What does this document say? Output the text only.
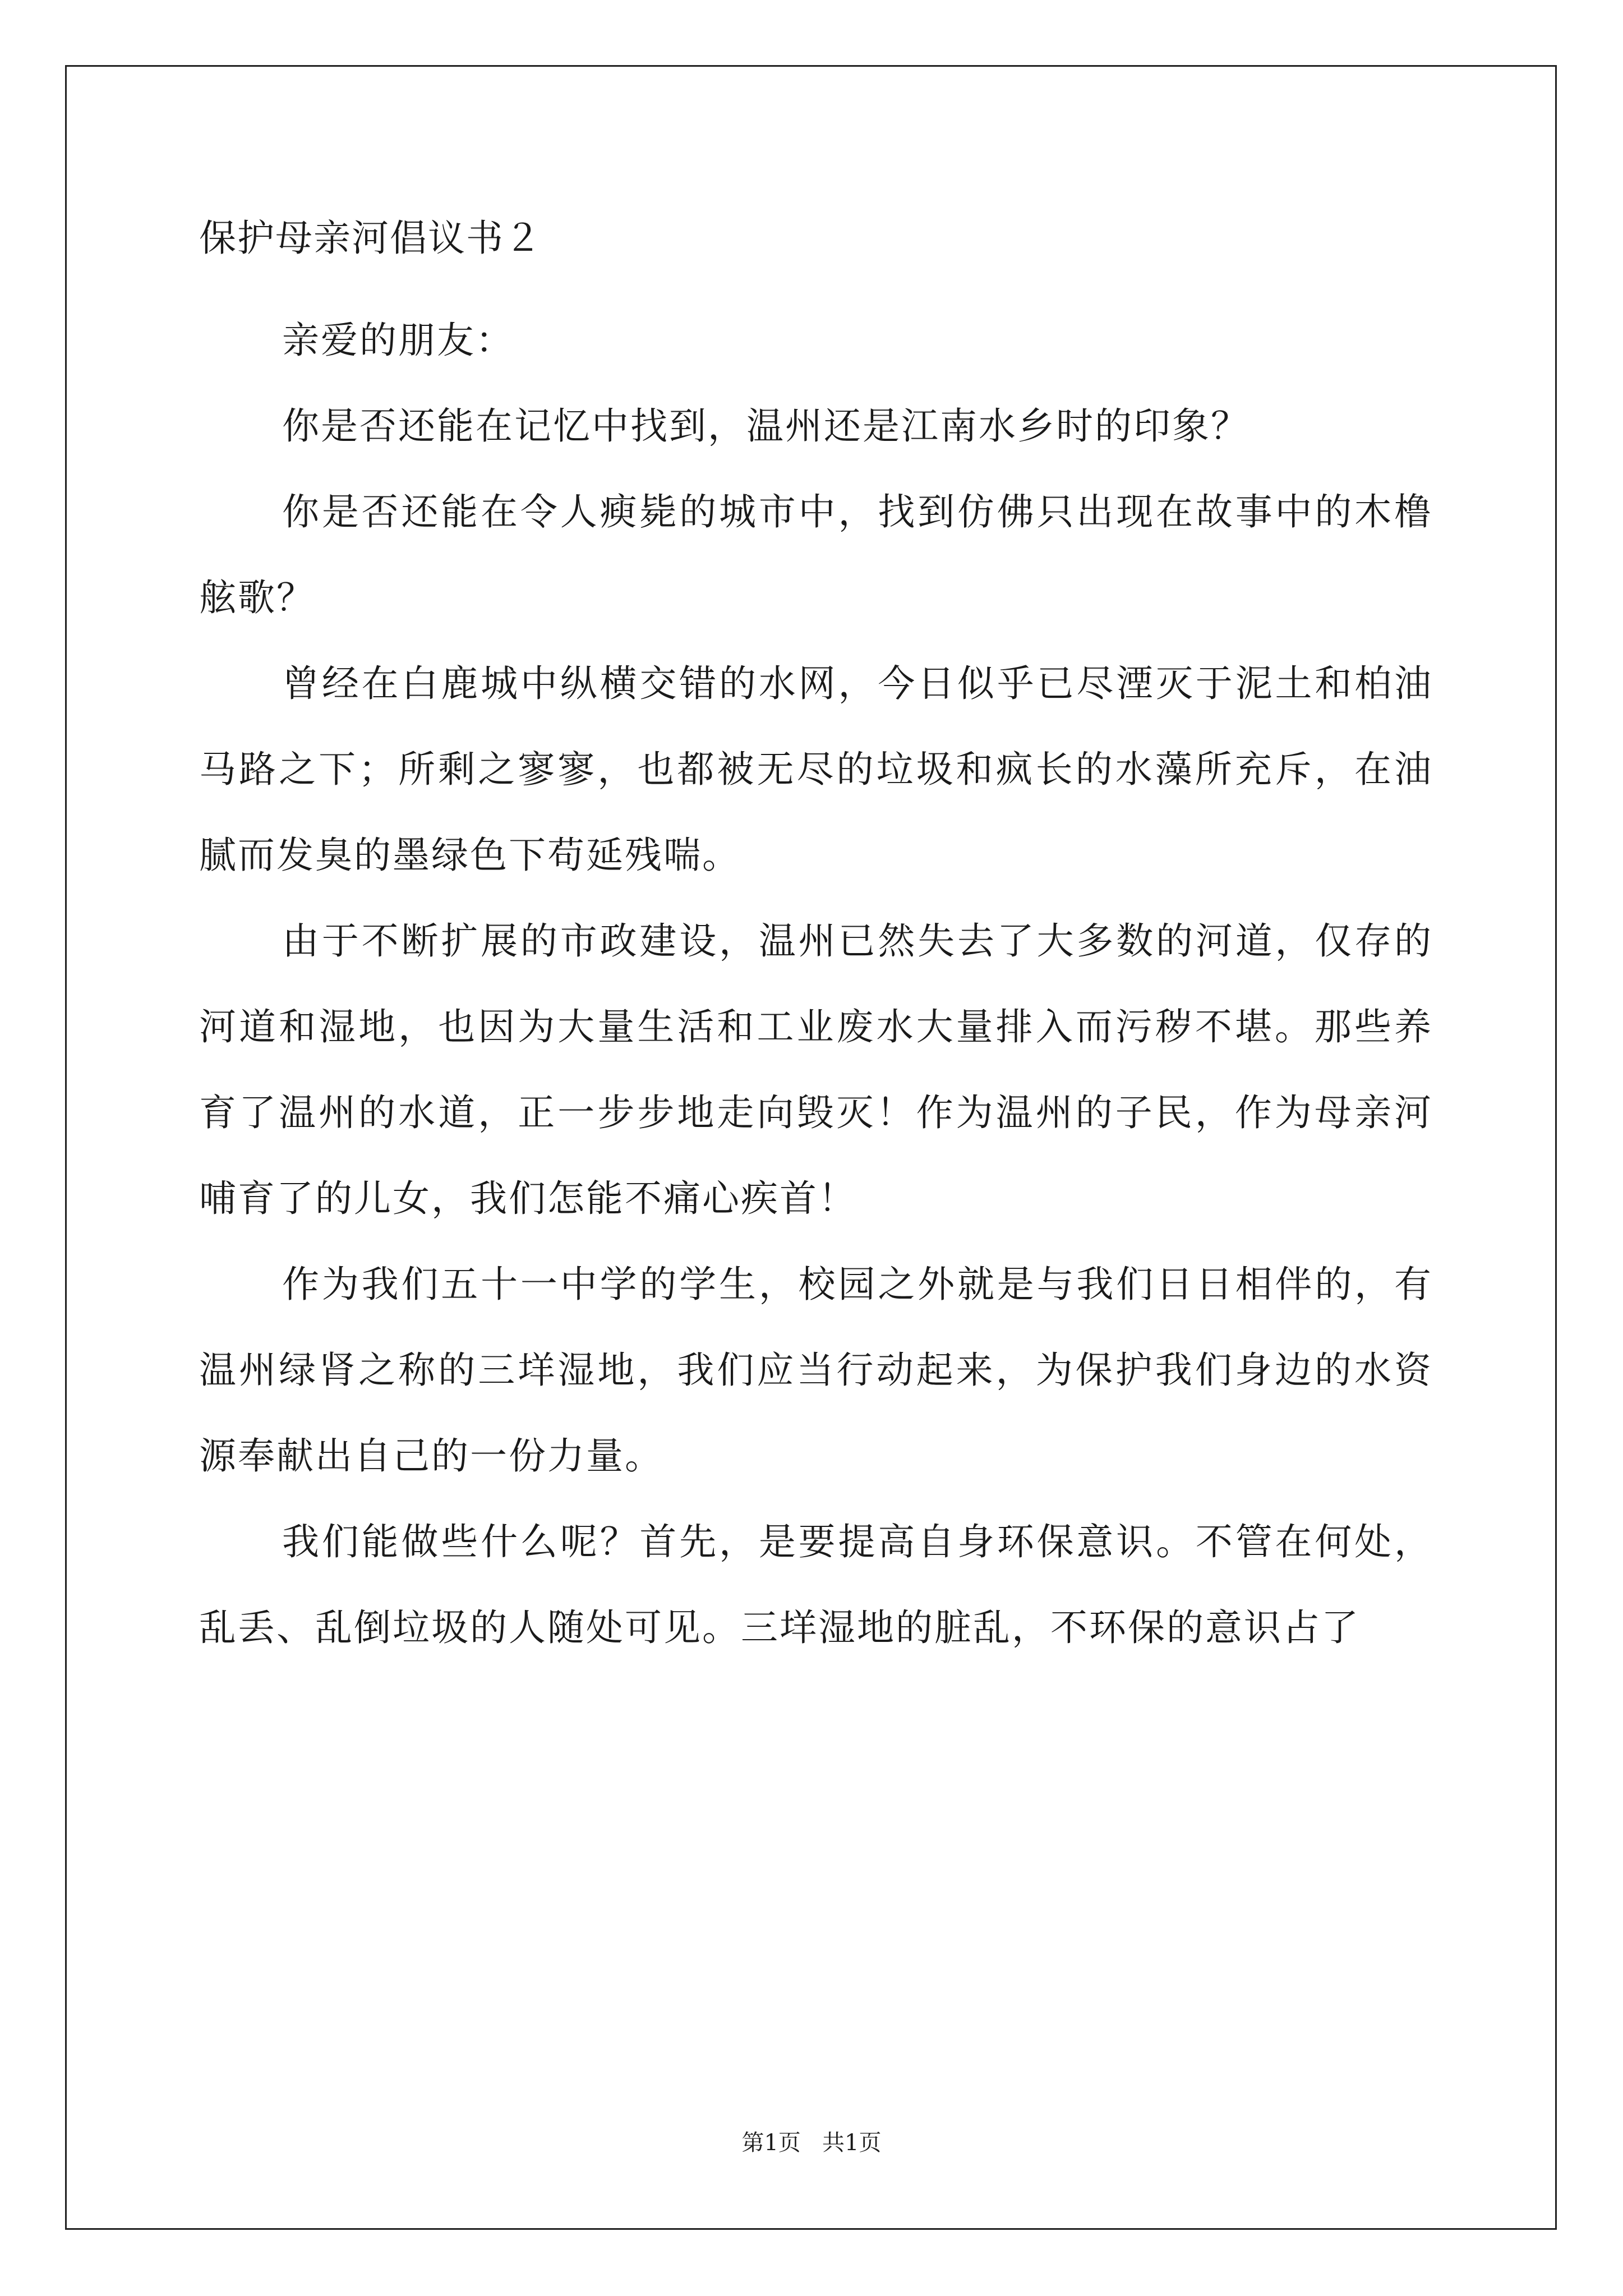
保护母亲河倡议书２

亲爱的朋友：

你是否还能在记忆中找到，温州还是江南水乡时的印象？

你是否还能在令人瘐毙的城市中，找到仿佛只出现在故事中的木橹舷歌？

曾经在白鹿城中纵横交错的水网，今日似乎已尽湮灭于泥土和柏油马路之下；所剩之寥寥，也都被无尽的垃圾和疯长的水藻所充斥，在油腻而发臭的墨绿色下苟延残喘。

由于不断扩展的市政建设，温州已然失去了大多数的河道，仅存的河道和湿地，也因为大量生活和工业废水大量排入而污秽不堪。那些养育了温州的水道，正一步步地走向毁灭！作为温州的子民，作为母亲河哺育了的儿女，我们怎能不痛心疾首！

作为我们五十一中学的学生，校园之外就是与我们日日相伴的，有温州绿肾之称的三垟湿地，我们应当行动起来，为保护我们身边的水资源奉献出自己的一份力量。

我们能做些什么呢？首先，是要提高自身环保意识。不管在何处，乱丢、乱倒垃圾的人随处可见。三垟湿地的脏乱，不环保的意识占了

第1页   共1页
